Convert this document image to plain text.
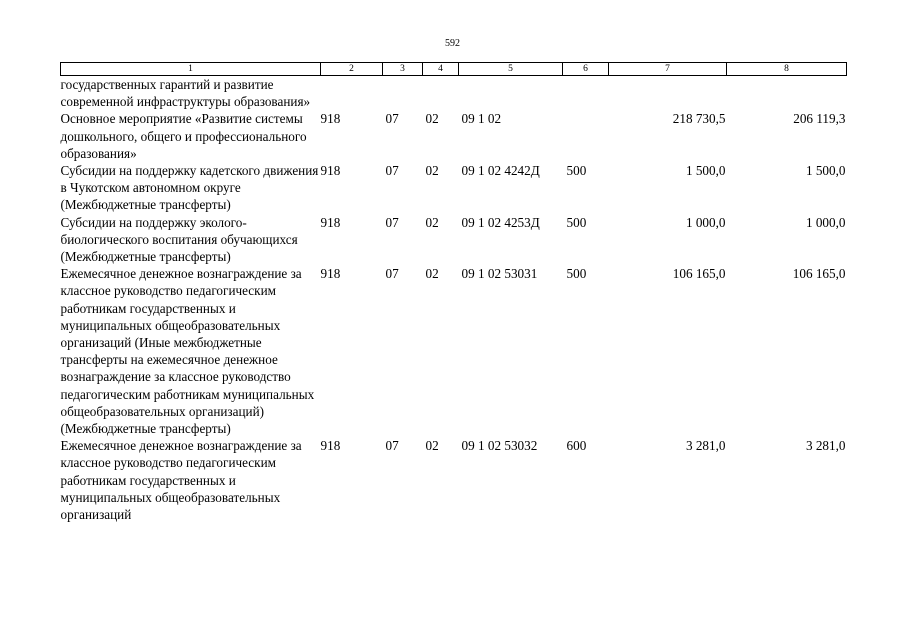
592
1	2	3	4	5	6	7	8
государственных гарантий и развитие современной инфраструктуры образования»							
Основное мероприятие «Развитие системы дошкольного, общего и профессионального образования»	918	07	02	09 1 02		218 730,5	206 119,3
Субсидии на поддержку кадетского движения в Чукотском автономном округе (Межбюджетные трансферты)	918	07	02	09 1 02 4242Д	500	1 500,0	1 500,0
Субсидии на поддержку эколого-биологического воспитания обучающихся (Межбюджетные трансферты)	918	07	02	09 1 02 4253Д	500	1 000,0	1 000,0
Ежемесячное денежное вознаграждение за классное руководство педагогическим работникам государственных и муниципальных общеобразовательных организаций (Иные межбюджетные трансферты на ежемесячное денежное вознаграждение за классное руководство педагогическим работникам муниципальных общеобразовательных организаций) (Межбюджетные трансферты)	918	07	02	09 1 02 53031	500	106 165,0	106 165,0
Ежемесячное денежное вознаграждение за классное руководство педагогическим работникам государственных и муниципальных общеобразовательных организаций	918	07	02	09 1 02 53032	600	3 281,0	3 281,0
